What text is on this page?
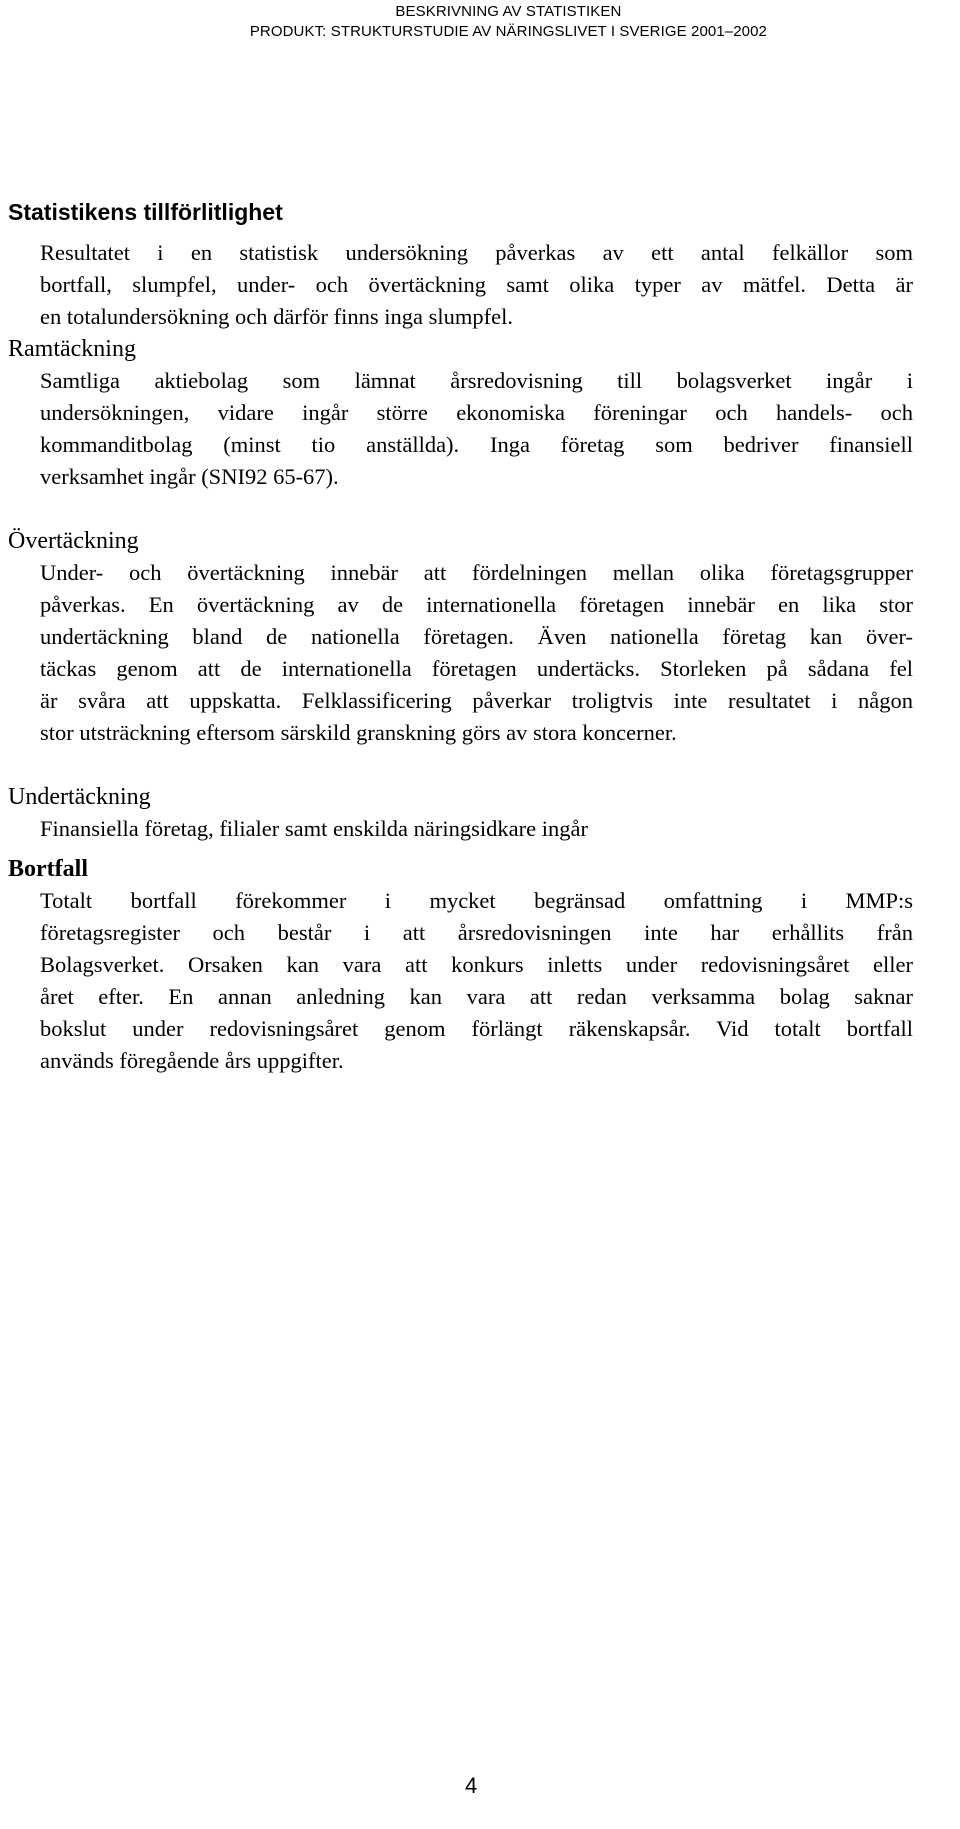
BESKRIVNING AV STATISTIKEN
PRODUKT: STRUKTURSTUDIE AV NÄRINGSLIVET I SVERIGE 2001–2002
Statistikens tillförlitlighet

Resultatet i en statistisk undersökning påverkas av ett antal felkällor som
bortfall, slumpfel, under- och övertäckning samt olika typer av mätfel. Detta är
en totalundersökning och därför finns inga slumpfel.

Ramtäckning

Samtliga aktiebolag som lämnat årsredovisning till bolagsverket ingår i
undersökningen, vidare ingår större ekonomiska föreningar och handels- och
kommanditbolag (minst tio anställda). Inga företag som bedriver finansiell
verksamhet ingår (SNI92 65-67).

Övertäckning

Under- och övertäckning innebär att fördelningen mellan olika företagsgrupper
påverkas. En övertäckning av de internationella företagen innebär en lika stor
undertäckning bland de nationella företagen. Även nationella företag kan över-
täckas genom att de internationella företagen undertäcks. Storleken på sådana fel
är svåra att uppskatta. Felklassificering påverkar troligtvis inte resultatet i någon
stor utsträckning eftersom särskild granskning görs av stora koncerner.

Undertäckning

Finansiella företag, filialer samt enskilda näringsidkare ingår

Bortfall

Totalt bortfall förekommer i mycket begränsad omfattning i MMP:s
företagsregister och består i att årsredovisningen inte har erhållits från
Bolagsverket. Orsaken kan vara att konkurs inletts under redovisningsåret eller
året efter. En annan anledning kan vara att redan verksamma bolag saknar
bokslut under redovisningsåret genom förlängt räkenskapsår. Vid totalt bortfall
används föregående års uppgifter.

4
